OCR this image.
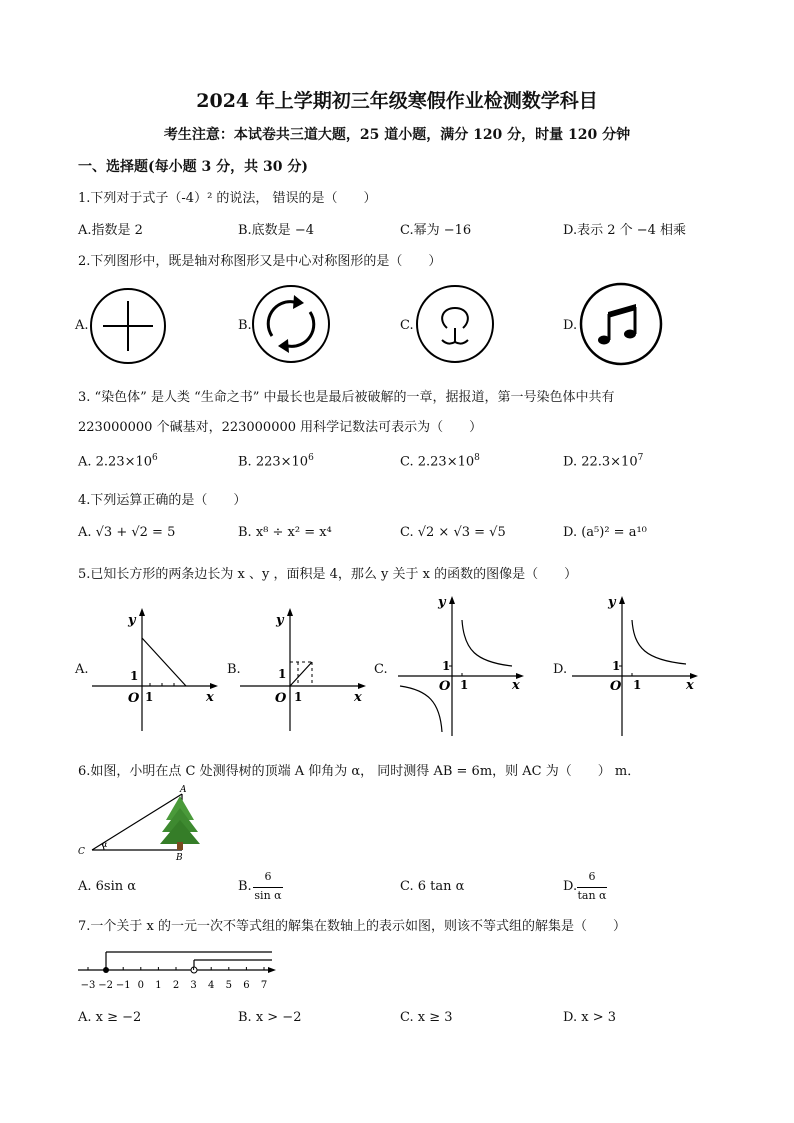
2024 年上学期初三年级寒假作业检测数学科目
考生注意：本试卷共三道大题，25 道小题，满分 120 分，时量 120 分钟
一、选择题(每小题 3 分，共 30 分)
1.下列对于式子（-4）² 的说法， 错误的是（　　）
A.指数是 2	B.底数是 −4	C.幂为 −16	D.表示 2 个 −4 相乘
2.下列图形中，既是轴对称图形又是中心对称图形的是（　　）
A.	B.	C.	D.
3. “染色体” 是人类 “生命之书” 中最长也是最后被破解的一章，据报道，第一号染色体中共有
223000000 个碱基对，223000000 用科学记数法可表示为（　　）
A. $2.23\times 10^6$	B. $223\times 10^6$	C. $2.23\times 10^8$	D. $22.3\times 10^7$
4.下列运算正确的是（　　）
A. √3 + √2 = 5	B. x⁸ ÷ x² = x⁴	C. √2 × √3 = √5	D. (a⁵)² = a¹⁰
5.已知长方形的两条边长为 x 、y ，面积是 4，那么 y 关于 x 的函数的图像是（　　）
A.	B.	C.	D.
y
x
O 1
1
y
x
O 1
1
y
x
O 1
1
y
x
O 1
1
6.如图，小明在点 C 处测得树的顶端 A 仰角为 α， 同时测得 AB = 6m，则 AC 为（　　） m．
A
B
C
α
A. 6sin α	B.
6
sin α
C. 6 tan α	D.
6
tan α
7.一个关于 x 的一元一次不等式组的解集在数轴上的表示如图，则该不等式组的解集是（　　）
−3 −2 −1 0 1 2 3 4 5 6 7
A. x ≥ −2	B. x > −2	C. x ≥ 3	D. x > 3
